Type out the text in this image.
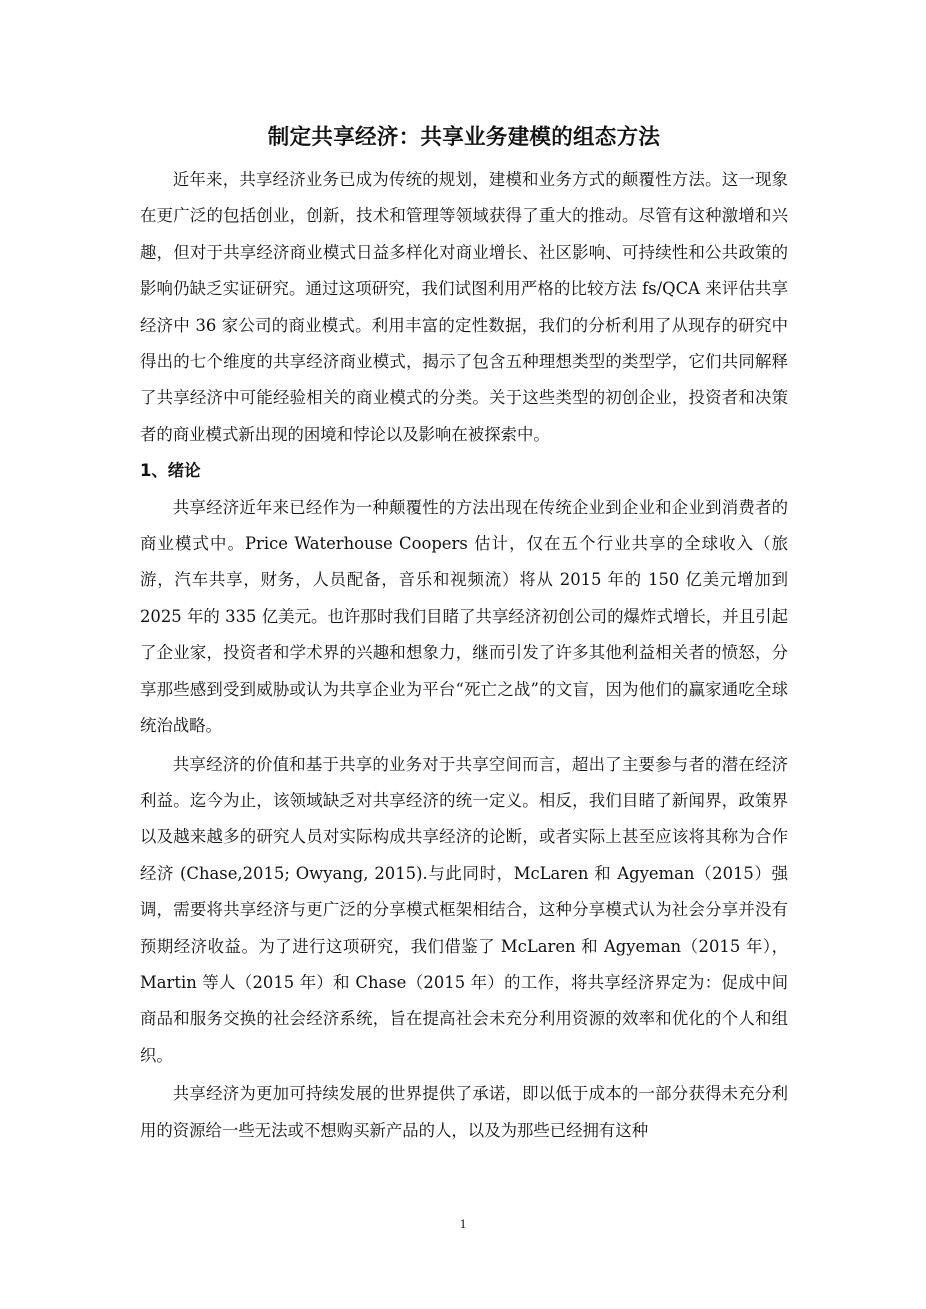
制定共享经济：共享业务建模的组态方法

近年来，共享经济业务已成为传统的规划，建模和业务方式的颠覆性方法。这一现象在更广泛的包括创业，创新，技术和管理等领域获得了重大的推动。尽管有这种激增和兴趣，但对于共享经济商业模式日益多样化对商业增长、社区影响、可持续性和公共政策的影响仍缺乏实证研究。通过这项研究，我们试图利用严格的比较方法 fs/QCA 来评估共享经济中 36 家公司的商业模式。利用丰富的定性数据，我们的分析利用了从现存的研究中得出的七个维度的共享经济商业模式，揭示了包含五种理想类型的类型学，它们共同解释了共享经济中可能经验相关的商业模式的分类。关于这些类型的初创企业，投资者和决策者的商业模式新出现的困境和悖论以及影响在被探索中。

1、绪论

共享经济近年来已经作为一种颠覆性的方法出现在传统企业到企业和企业到消费者的商业模式中。Price Waterhouse Coopers 估计，仅在五个行业共享的全球收入（旅游，汽车共享，财务，人员配备，音乐和视频流）将从 2015 年的 150 亿美元增加到 2025 年的 335 亿美元。也许那时我们目睹了共享经济初创公司的爆炸式增长，并且引起了企业家，投资者和学术界的兴趣和想象力，继而引发了许多其他利益相关者的愤怒，分享那些感到受到威胁或认为共享企业为平台“死亡之战”的文盲，因为他们的赢家通吃全球统治战略。

共享经济的价值和基于共享的业务对于共享空间而言，超出了主要参与者的潜在经济利益。迄今为止，该领域缺乏对共享经济的统一定义。相反，我们目睹了新闻界，政策界以及越来越多的研究人员对实际构成共享经济的论断，或者实际上甚至应该将其称为合作经济 (Chase,2015; Owyang, 2015).与此同时，McLaren 和 Agyeman（2015）强调，需要将共享经济与更广泛的分享模式框架相结合，这种分享模式认为社会分享并没有预期经济收益。为了进行这项研究，我们借鉴了 McLaren 和 Agyeman（2015 年），Martin 等人（2015 年）和 Chase（2015 年）的工作，将共享经济界定为：促成中间商品和服务交换的社会经济系统，旨在提高社会未充分利用资源的效率和优化的个人和组织。

共享经济为更加可持续发展的世界提供了承诺，即以低于成本的一部分获得未充分利用的资源给一些无法或不想购买新产品的人，以及为那些已经拥有这种

1
